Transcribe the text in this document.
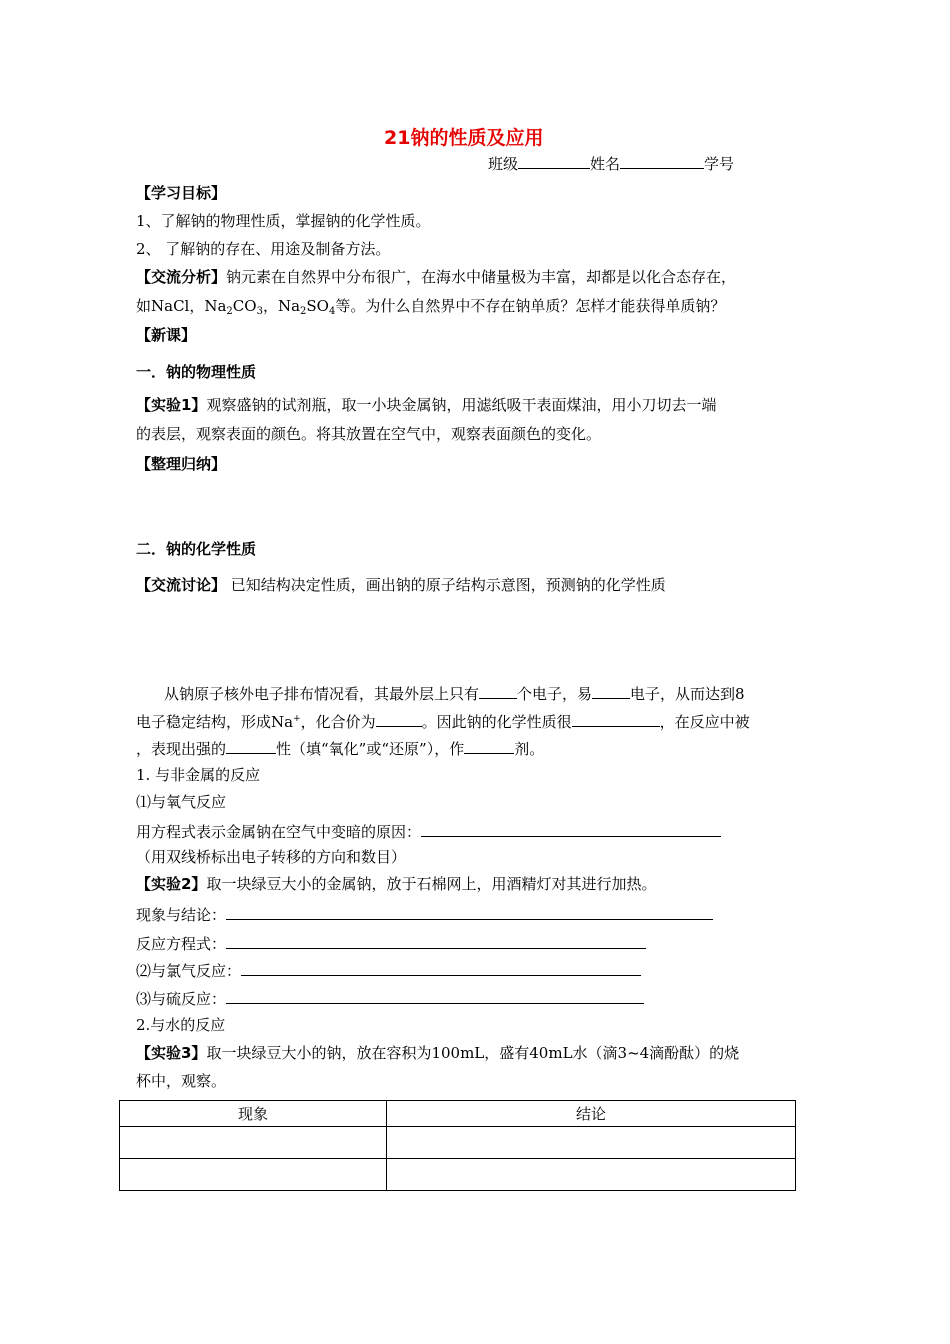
21钠的性质及应用
班级	姓名	学号
【学习目标】
1、了解钠的物理性质，掌握钠的化学性质。
2、 了解钠的存在、用途及制备方法。
【交流分析】钠元素在自然界中分布很广，在海水中储量极为丰富，却都是以化合态存在，
如NaCl，$Na_2CO_3$，$Na_2SO_4$等。为什么自然界中不存在钠单质？怎样才能获得单质钠？
【新课】
一．钠的物理性质
【实验1】观察盛钠的试剂瓶，取一小块金属钠，用滤纸吸干表面煤油，用小刀切去一端
的表层，观察表面的颜色。将其放置在空气中，观察表面颜色的变化。
【整理归纳】
二．钠的化学性质
【交流讨论】 已知结构决定性质，画出钠的原子结构示意图，预测钠的化学性质
从钠原子核外电子排布情况看，其最外层上只有	个电子，易	电子，从而达到8
电子稳定结构，形成Na+，化合价为	。因此钠的化学性质很	，在反应中被
，表现出强的	性（填“氧化”或“还原”），作	剂。
1. 与非金属的反应
⑴与氧气反应
用方程式表示金属钠在空气中变暗的原因：
（用双线桥标出电子转移的方向和数目）
【实验2】取一块绿豆大小的金属钠，放于石棉网上，用酒精灯对其进行加热。
现象与结论：
反应方程式：
⑵与氯气反应：
⑶与硫反应：
2.与水的反应
【实验3】取一块绿豆大小的钠，放在容积为100mL，盛有40mL水（滴3~4滴酚酞）的烧
杯中，观察。
现象	结论
